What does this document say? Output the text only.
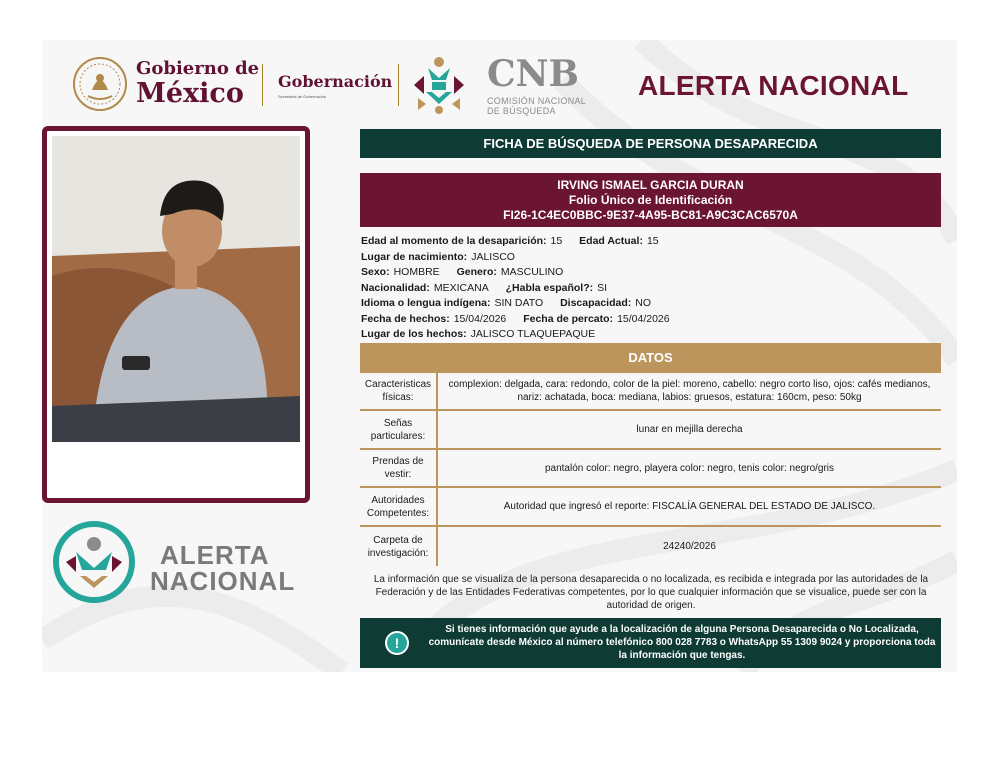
Gobierno de
México	Gobernación
Secretaría de Gobernación
CNB
COMISIÓN NACIONAL
DE BÚSQUEDA
ALERTA NACIONAL
ALERTA
NACIONAL
FICHA DE BÚSQUEDA DE PERSONA DESAPARECIDA
IRVING ISMAEL GARCIA DURAN
Folio Único de Identificación
FI26-1C4EC0BBC-9E37-4A95-BC81-A9C3CAC6570A
Edad al momento de la desaparición: 15 Edad Actual: 15
Lugar de nacimiento: JALISCO
Sexo: HOMBRE Genero: MASCULINO
Nacionalidad: MEXICANA ¿Habla español?: SI
Idioma o lengua indígena: SIN DATO Discapacidad: NO
Fecha de hechos: 15/04/2026 Fecha de percato: 15/04/2026
Lugar de los hechos: JALISCO TLAQUEPAQUE
DATOS
Caracteristicas físicas:
complexion: delgada, cara: redondo, color de la piel: moreno, cabello: negro corto liso, ojos: cafés medianos, nariz: achatada, boca: mediana, labios: gruesos, estatura: 160cm, peso: 50kg
Señas particulares:
lunar en mejilla derecha
Prendas de vestir:
pantalón color: negro, playera color: negro, tenis color: negro/gris
Autoridades Competentes:
Autoridad que ingresó el reporte: FISCALÍA GENERAL DEL ESTADO DE JALISCO.
Carpeta de investigación:
24240/2026
La información que se visualiza de la persona desaparecida o no localizada, es recibida e integrada por las autoridades de la Federación y de las Entidades Federativas competentes, por lo que cualquier información que se visualice, puede ser con la autoridad de origen.
!
Si tienes información que ayude a la localización de alguna Persona Desaparecida o No Localizada, comunícate desde México al número telefónico 800 028 7783 o WhatsApp 55 1309 9024 y proporciona toda la información que tengas.
